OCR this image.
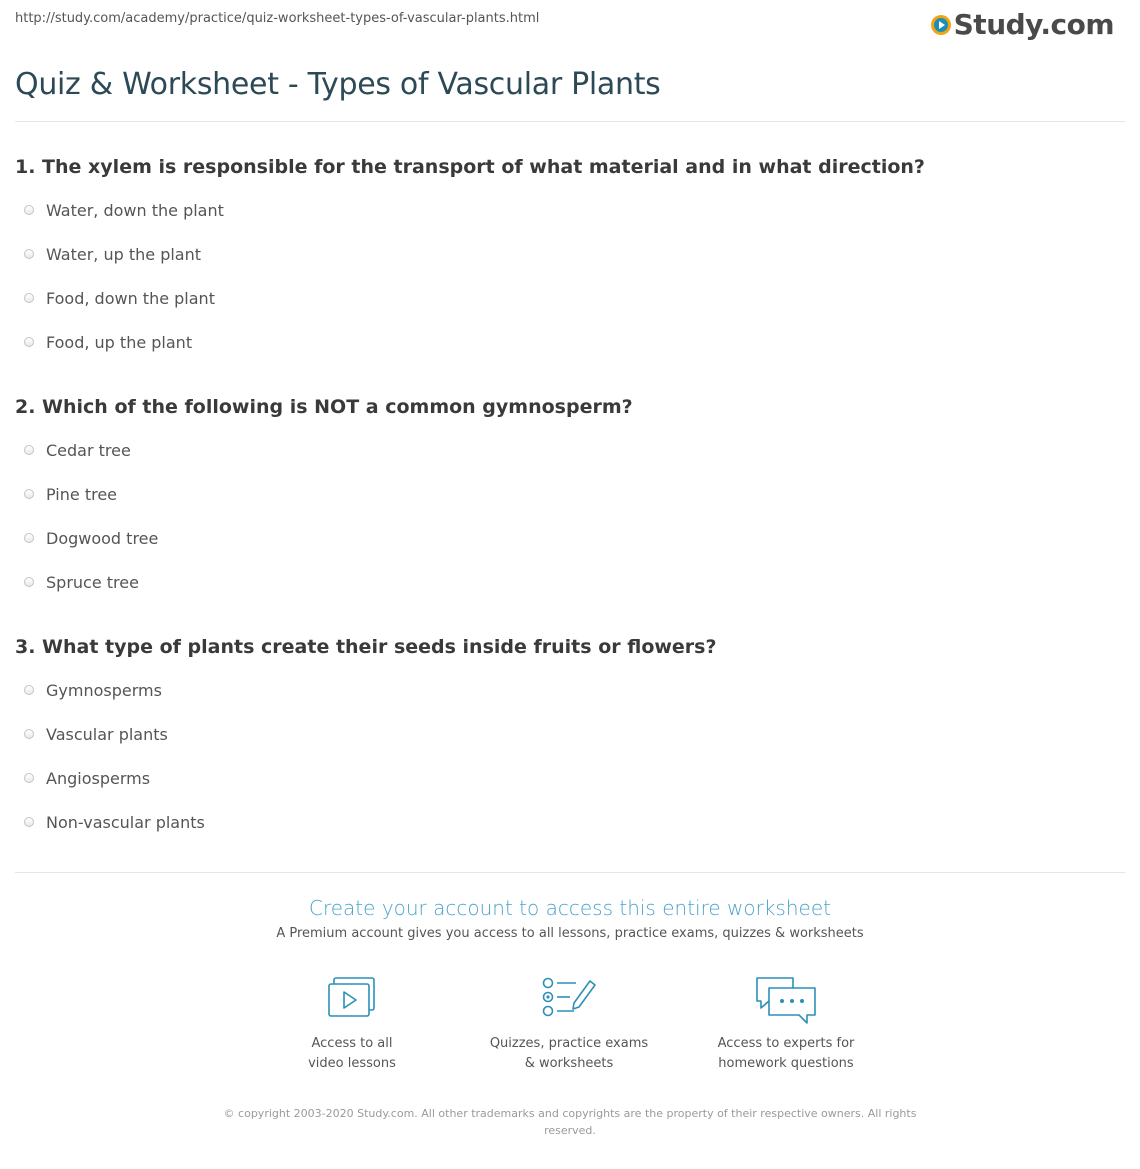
http://study.com/academy/practice/quiz-worksheet-types-of-vascular-plants.html	Study.com
Quiz & Worksheet - Types of Vascular Plants

1. The xylem is responsible for the transport of what material and in what direction?

Water, down the plant
Water, up the plant
Food, down the plant
Food, up the plant

2. Which of the following is NOT a common gymnosperm?

Cedar tree
Pine tree
Dogwood tree
Spruce tree

3. What type of plants create their seeds inside fruits or flowers?

Gymnosperms
Vascular plants
Angiosperms
Non-vascular plants
Create your account to access this entire worksheet
A Premium account gives you access to all lessons, practice exams, quizzes & worksheets
Access to all
video lessons
Quizzes, practice exams
& worksheets
Access to experts for
homework questions
© copyright 2003-2020 Study.com. All other trademarks and copyrights are the property of their respective owners. All rights
reserved.
